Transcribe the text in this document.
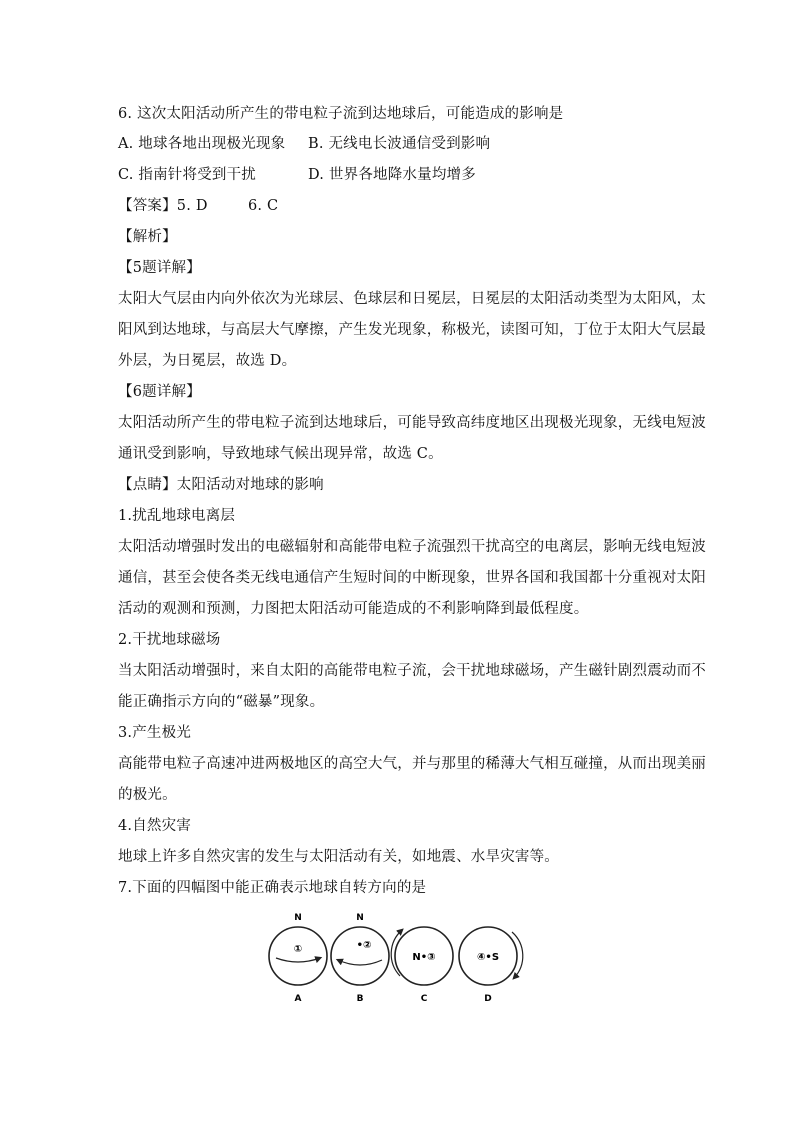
6. 这次太阳活动所产生的带电粒子流到达地球后，可能造成的影响是
A. 地球各地出现极光现象 B. 无线电长波通信受到影响
C. 指南针将受到干扰	D. 世界各地降水量均增多
【答案】5. D	6. C
【解析】
【5题详解】
太阳大气层由内向外依次为光球层、色球层和日冕层，日冕层的太阳活动类型为太阳风，太
阳风到达地球，与高层大气摩擦，产生发光现象，称极光，读图可知，丁位于太阳大气层最
外层，为日冕层，故选 D。
【6题详解】
太阳活动所产生的带电粒子流到达地球后，可能导致高纬度地区出现极光现象，无线电短波
通讯受到影响，导致地球气候出现异常，故选 C。
【点睛】太阳活动对地球的影响
1.扰乱地球电离层
太阳活动增强时发出的电磁辐射和高能带电粒子流强烈干扰高空的电离层，影响无线电短波
通信，甚至会使各类无线电通信产生短时间的中断现象，世界各国和我国都十分重视对太阳
活动的观测和预测，力图把太阳活动可能造成的不利影响降到最低程度。
2.干扰地球磁场
当太阳活动增强时，来自太阳的高能带电粒子流，会干扰地球磁场，产生磁针剧烈震动而不
能正确指示方向的“磁暴”现象。
3.产生极光
高能带电粒子高速冲进两极地区的高空大气，并与那里的稀薄大气相互碰撞，从而出现美丽
的极光。
4.自然灾害
地球上许多自然灾害的发生与太阳活动有关，如地震、水旱灾害等。
7.下面的四幅图中能正确表示地球自转方向的是
N
①
A
N
•②
B
N•③
C
④•S
D
